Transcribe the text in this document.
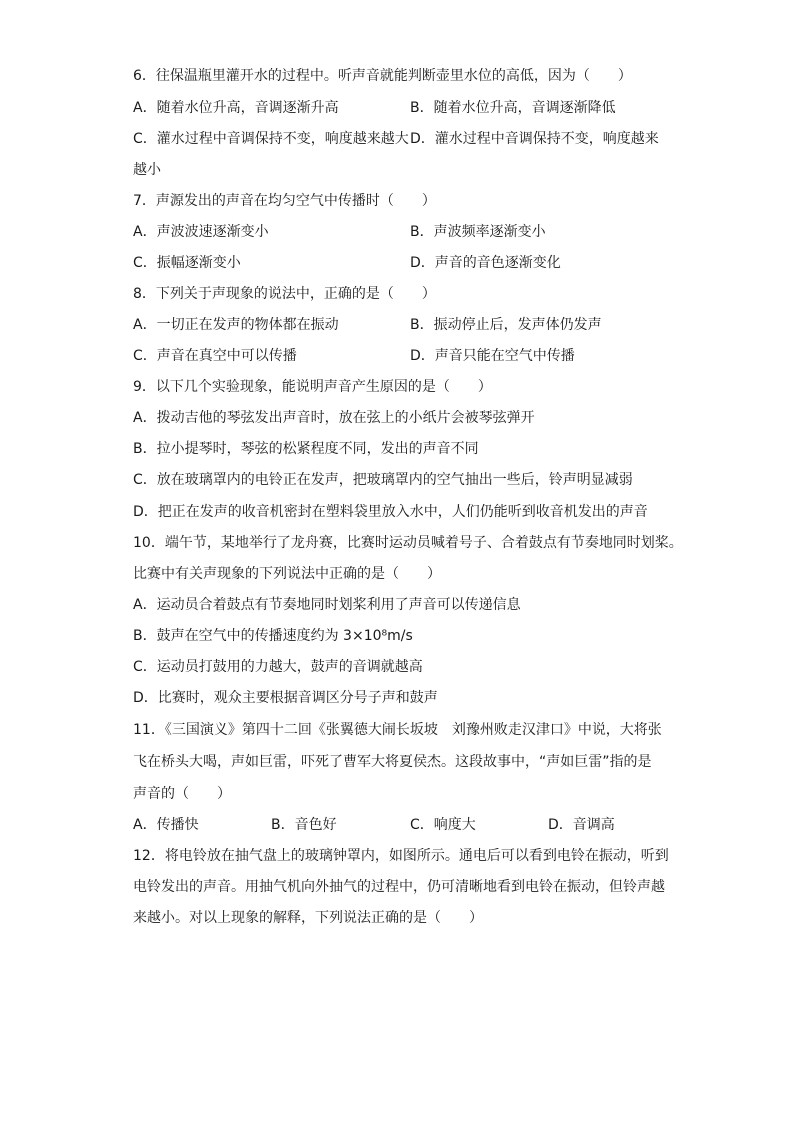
6．往保温瓶里灌开水的过程中。听声音就能判断壶里水位的高低，因为（　　）
A．随着水位升高，音调逐渐升高	B．随着水位升高，音调逐渐降低
C．灌水过程中音调保持不变，响度越来越大 D．灌水过程中音调保持不变，响度越来
越小
7．声源发出的声音在均匀空气中传播时（　　）
A．声波波速逐渐变小	B．声波频率逐渐变小
C．振幅逐渐变小	D．声音的音色逐渐变化
8．下列关于声现象的说法中，正确的是（　　）
A．一切正在发声的物体都在振动	B．振动停止后，发声体仍发声
C．声音在真空中可以传播	D．声音只能在空气中传播
9．以下几个实验现象，能说明声音产生原因的是（　　）
A．拨动吉他的琴弦发出声音时，放在弦上的小纸片会被琴弦弹开
B．拉小提琴时，琴弦的松紧程度不同，发出的声音不同
C．放在玻璃罩内的电铃正在发声，把玻璃罩内的空气抽出一些后，铃声明显减弱
D．把正在发声的收音机密封在塑料袋里放入水中，人们仍能听到收音机发出的声音
10．端午节，某地举行了龙舟赛，比赛时运动员喊着号子、合着鼓点有节奏地同时划桨。
比赛中有关声现象的下列说法中正确的是（　　）
A．运动员合着鼓点有节奏地同时划桨利用了声音可以传递信息
B．鼓声在空气中的传播速度约为 3×10⁸m/s
C．运动员打鼓用的力越大，鼓声的音调就越高
D．比赛时，观众主要根据音调区分号子声和鼓声
11．《三国演义》第四十二回《张翼德大闹长坂坡　刘豫州败走汉津口》中说，大将张
飞在桥头大喝，声如巨雷，吓死了曹军大将夏侯杰。这段故事中，“声如巨雷”指的是
声音的（　　）
A．传播快	B．音色好	C．响度大	D．音调高
12．将电铃放在抽气盘上的玻璃钟罩内，如图所示。通电后可以看到电铃在振动，听到
电铃发出的声音。用抽气机向外抽气的过程中，仍可清晰地看到电铃在振动，但铃声越
来越小。对以上现象的解释，下列说法正确的是（　　）
